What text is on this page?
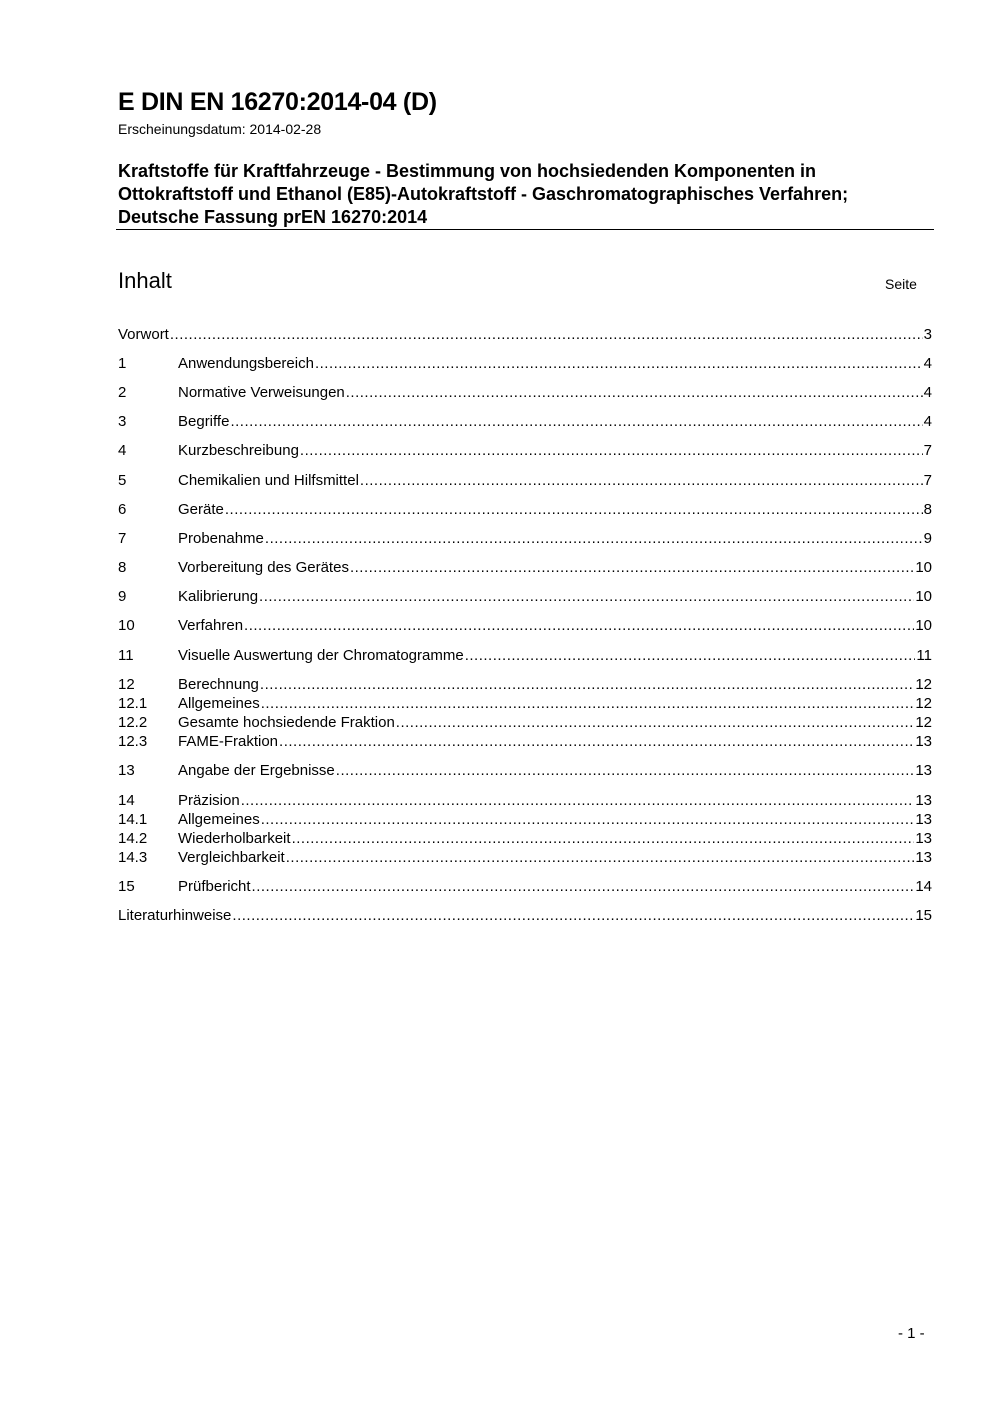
E DIN EN 16270:2014-04 (D)
Erscheinungsdatum: 2014-02-28
Kraftstoffe für Kraftfahrzeuge - Bestimmung von hochsiedenden Komponenten in
Ottokraftstoff und Ethanol (E85)-Autokraftstoff - Gaschromatographisches Verfahren;
Deutsche Fassung prEN 16270:2014
Inhalt	Seite
Vorwort .....	3
1	Anwendungsbereich .....	4
2	Normative Verweisungen .....	4
3	Begriffe .....	4
4	Kurzbeschreibung .....	7
5	Chemikalien und Hilfsmittel .....	7
6	Geräte .....	8
7	Probenahme .....	9
8	Vorbereitung des Gerätes .....	10
9	Kalibrierung .....	10
10	Verfahren .....	10
11	Visuelle Auswertung der Chromatogramme .....	11
12	Berechnung .....	12
12.1	Allgemeines .....	12
12.2	Gesamte hochsiedende Fraktion .....	12
12.3	FAME-Fraktion .....	13
13	Angabe der Ergebnisse .....	13
14	Präzision .....	13
14.1	Allgemeines .....	13
14.2	Wiederholbarkeit .....	13
14.3	Vergleichbarkeit .....	13
15	Prüfbericht .....	14
Literaturhinweise .....	15
- 1 -
